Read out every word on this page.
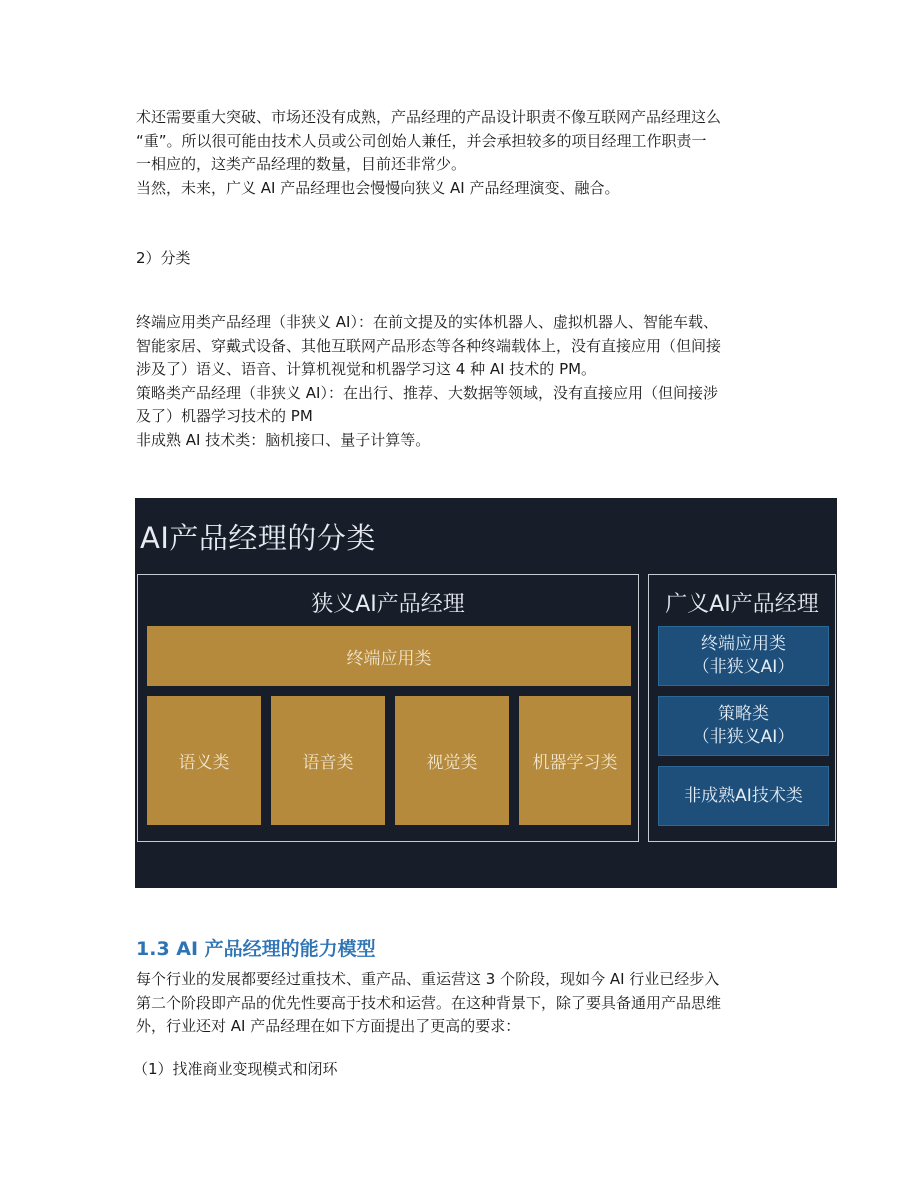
术还需要重大突破、市场还没有成熟，产品经理的产品设计职责不像互联网产品经理这么
“重”。所以很可能由技术人员或公司创始人兼任，并会承担较多的项目经理工作职责一
一相应的，这类产品经理的数量，目前还非常少。
当然，未来，广义 AI 产品经理也会慢慢向狭义 AI 产品经理演变、融合。

2）分类

终端应用类产品经理（非狭义 AI）：在前文提及的实体机器人、虚拟机器人、智能车载、
智能家居、穿戴式设备、其他互联网产品形态等各种终端载体上，没有直接应用（但间接
涉及了）语义、语音、计算机视觉和机器学习这 4 种 AI 技术的 PM。
策略类产品经理（非狭义 AI）：在出行、推荐、大数据等领域，没有直接应用（但间接涉
及了）机器学习技术的 PM
非成熟 AI 技术类：脑机接口、量子计算等。

AI产品经理的分类
狭义AI产品经理
终端应用类
语义类	语音类	视觉类	机器学习类
广义AI产品经理
终端应用类
（非狭义AI）
策略类
（非狭义AI）
非成熟AI技术类
1.3 AI 产品经理的能力模型

每个行业的发展都要经过重技术、重产品、重运营这 3 个阶段，现如今 AI 行业已经步入
第二个阶段即产品的优先性要高于技术和运营。在这种背景下，除了要具备通用产品思维
外，行业还对 AI 产品经理在如下方面提出了更高的要求：

（1）找准商业变现模式和闭环
